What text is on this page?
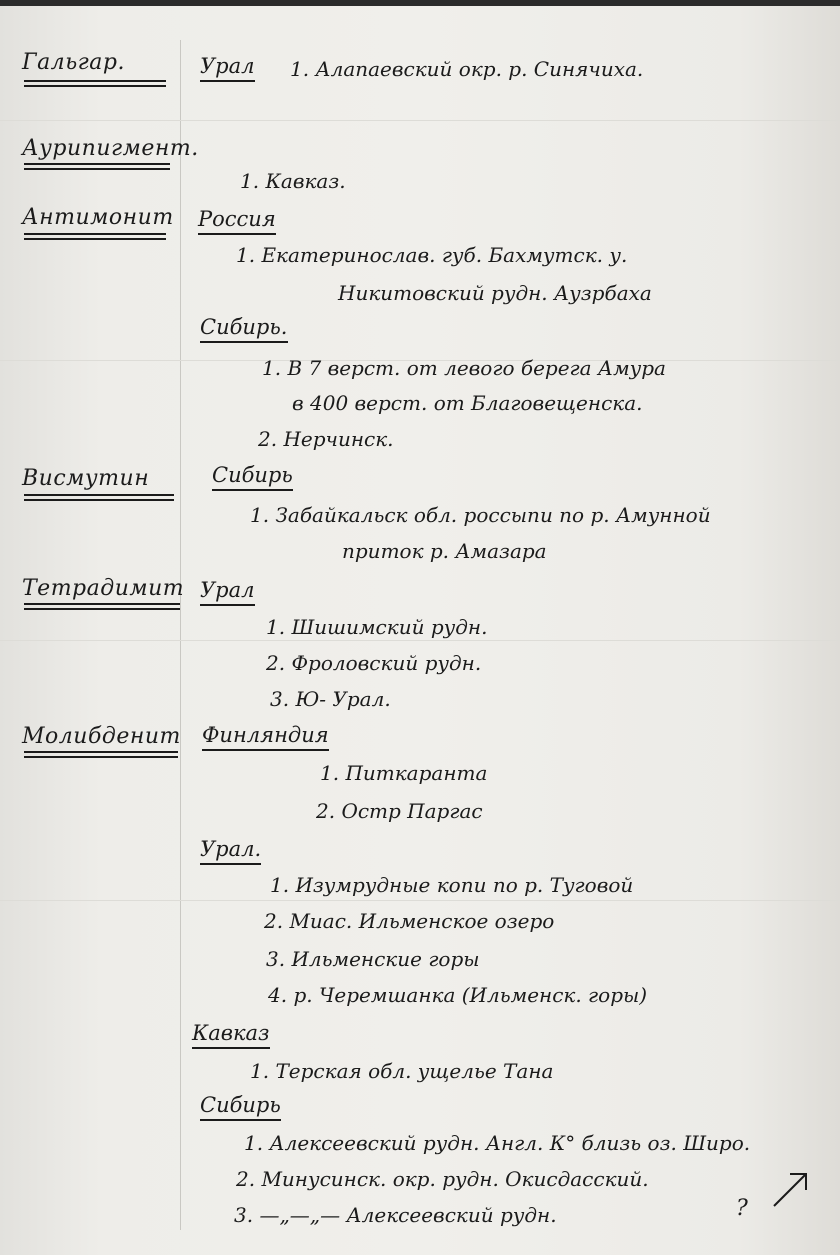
Гальгар.	Урал 1. Алапаевский окр. р. Синячиха.
Аурипигмент.
1. Кавказ.
Антимонит Россия
1. Екатеринослав. губ. Бахмутск. у.
Никитовский рудн. Аузрбаха
Сибирь.
1. В 7 верст. от левого берега Амура
в 400 верст. от Благовещенска.
2. Нерчинск.
Висмутин	Сибирь
1. Забайкальск обл. россыпи по р. Амунной
приток р. Амазара
Тетрадимит Урал
1. Шишимский рудн.
2. Фроловский рудн.
3. Ю- Урал.
Молибденит Финляндия
1. Питкаранта
2. Остр Паргас
Урал.
1. Изумрудные копи по р. Туговой
2. Миас. Ильменское озеро
3. Ильменские горы
4. р. Черемшанка (Ильменск. горы)
Кавказ
1. Терская обл. ущелье Тана
Сибирь
1. Алексеевский рудн. Англ. К° близь оз. Широ.
2. Минусинск. окр. рудн. Окисдасский.
3. —„—„— Алексеевский рудн.	?
